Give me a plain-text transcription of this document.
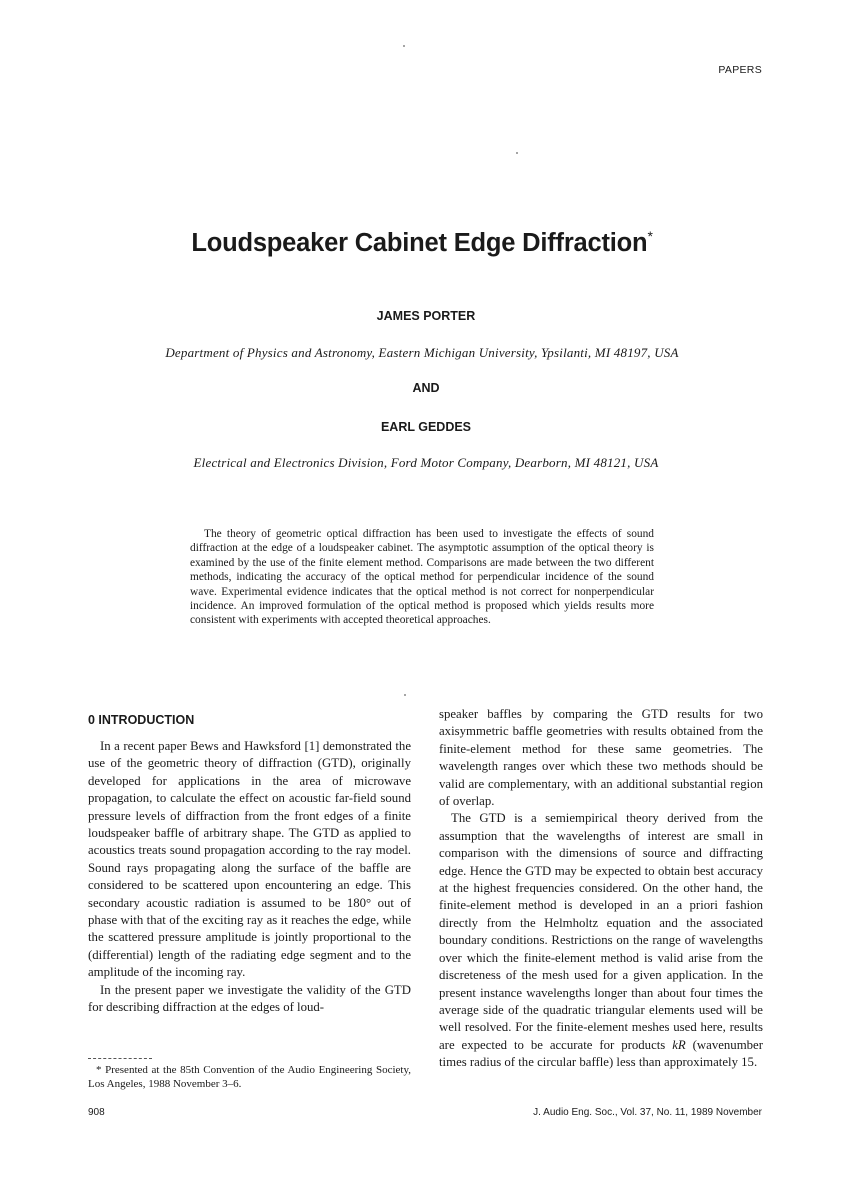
PAPERS
Loudspeaker Cabinet Edge Diffraction*
JAMES PORTER
Department of Physics and Astronomy, Eastern Michigan University, Ypsilanti, MI 48197, USA
AND
EARL GEDDES
Electrical and Electronics Division, Ford Motor Company, Dearborn, MI 48121, USA

The theory of geometric optical diffraction has been used to investigate the effects of sound diffraction at the edge of a loudspeaker cabinet. The asymptotic assumption of the optical theory is examined by the use of the finite element method. Comparisons are made between the two different methods, indicating the accuracy of the optical method for perpendicular incidence of the sound wave. Experimental evidence indicates that the optical method is not correct for nonperpendicular incidence. An improved formulation of the optical method is proposed which yields results more consistent with experiments with accepted theoretical approaches.

0 INTRODUCTION

In a recent paper Bews and Hawksford [1] demonstrated the use of the geometric theory of diffraction (GTD), originally developed for applications in the area of microwave propagation, to calculate the effect on acoustic far-field sound pressure levels of diffraction from the front edges of a finite loudspeaker baffle of arbitrary shape. The GTD as applied to acoustics treats sound propagation according to the ray model. Sound rays propagating along the surface of the baffle are considered to be scattered upon encountering an edge. This secondary acoustic radiation is assumed to be 180° out of phase with that of the exciting ray as it reaches the edge, while the scattered pressure amplitude is jointly proportional to the (differential) length of the radiating edge segment and to the amplitude of the incoming ray.

In the present paper we investigate the validity of the GTD for describing diffraction at the edges of loud-

speaker baffles by comparing the GTD results for two axisymmetric baffle geometries with results obtained from the finite-element method for these same geometries. The wavelength ranges over which these two methods should be valid are complementary, with an additional substantial region of overlap.

The GTD is a semiempirical theory derived from the assumption that the wavelengths of interest are small in comparison with the dimensions of source and diffracting edge. Hence the GTD may be expected to obtain best accuracy at the highest frequencies considered. On the other hand, the finite-element method is developed in an a priori fashion directly from the Helmholtz equation and the associated boundary conditions. Restrictions on the range of wavelengths over which the finite-element method is valid arise from the discreteness of the mesh used for a given application. In the present instance wavelengths longer than about four times the average side of the quadratic triangular elements used will be well resolved. For the finite-element meshes used here, results are expected to be accurate for products kR (wavenumber times radius of the circular baffle) less than approximately 15.

* Presented at the 85th Convention of the Audio Engineering Society, Los Angeles, 1988 November 3–6.

908	J. Audio Eng. Soc., Vol. 37, No. 11, 1989 November
